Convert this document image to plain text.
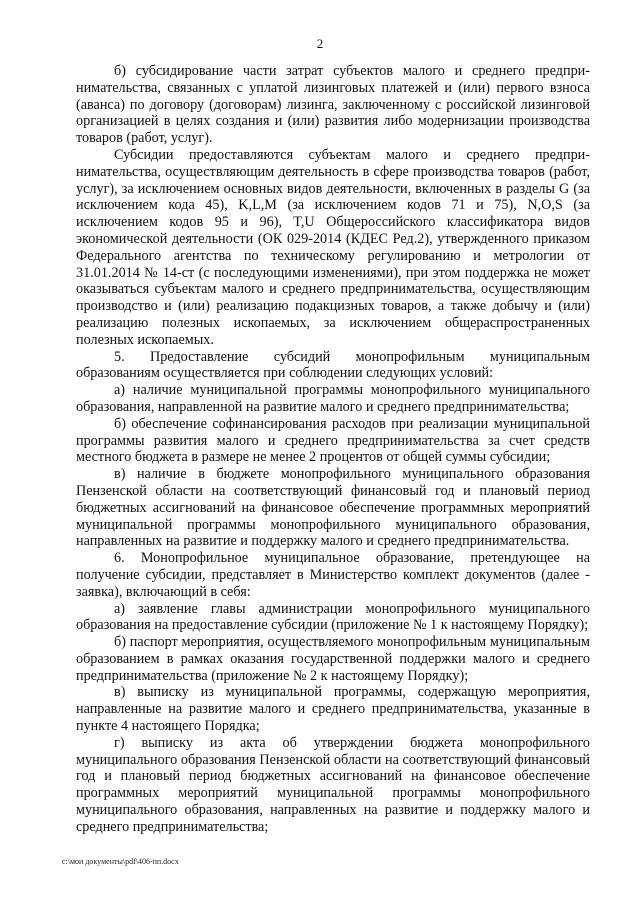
2

б) субсидирование части затрат субъектов малого и среднего предпринимательства, связанных с уплатой лизинговых платежей и (или) первого взноса (аванса) по договору (договорам) лизинга, заключенному с российской лизинговой организацией в целях создания и (или) развития либо модернизации производства товаров (работ, услуг).

Субсидии предоставляются субъектам малого и среднего предпринимательства, осуществляющим деятельность в сфере производства товаров (работ, услуг), за исключением основных видов деятельности, включенных в разделы G (за исключением кода 45), K,L,M (за исключением кодов 71 и 75), N,O,S (за исключением кодов 95 и 96), T,U Общероссийского классификатора видов экономической деятельности (ОК 029-2014 (КДЕС Ред.2), утвержденного приказом Федерального агентства по техническому регулированию и метрологии от 31.01.2014 № 14-ст (с последующими изменениями), при этом поддержка не может оказываться субъектам малого и среднего предпринимательства, осуществляющим производство и (или) реализацию подакцизных товаров, а также добычу и (или) реализацию полезных ископаемых, за исключением общераспространенных полезных ископаемых.

5. Предоставление субсидий монопрофильным муниципальным образованиям осуществляется при соблюдении следующих условий:

а) наличие муниципальной программы монопрофильного муниципального образования, направленной на развитие малого и среднего предпринимательства;

б) обеспечение софинансирования расходов при реализации муниципальной программы развития малого и среднего предпринимательства за счет средств местного бюджета в размере не менее 2 процентов от общей суммы субсидии;

в) наличие в бюджете монопрофильного муниципального образования Пензенской области на соответствующий финансовый год и плановый период бюджетных ассигнований на финансовое обеспечение программных мероприятий муниципальной программы монопрофильного муниципального образования, направленных на развитие и поддержку малого и среднего предпринимательства.

6. Монопрофильное муниципальное образование, претендующее на получение субсидии, представляет в Министерство комплект документов (далее - заявка), включающий в себя:

а) заявление главы администрации монопрофильного муниципального образования на предоставление субсидии (приложение № 1 к настоящему Порядку);

б) паспорт мероприятия, осуществляемого монопрофильным муниципальным образованием в рамках оказания государственной поддержки малого и среднего предпринимательства (приложение № 2 к настоящему Порядку);

в) выписку из муниципальной программы, содержащую мероприятия, направленные на развитие малого и среднего предпринимательства, указанные в пункте 4 настоящего Порядка;

г) выписку из акта об утверждении бюджета монопрофильного муниципального образования Пензенской области на соответствующий финансовый год и плановый период бюджетных ассигнований на финансовое обеспечение программных мероприятий муниципальной программы монопрофильного муниципального образования, направленных на развитие и поддержку малого и среднего предпринимательства;

c:\мои документы\pdf\406-пп.docx
